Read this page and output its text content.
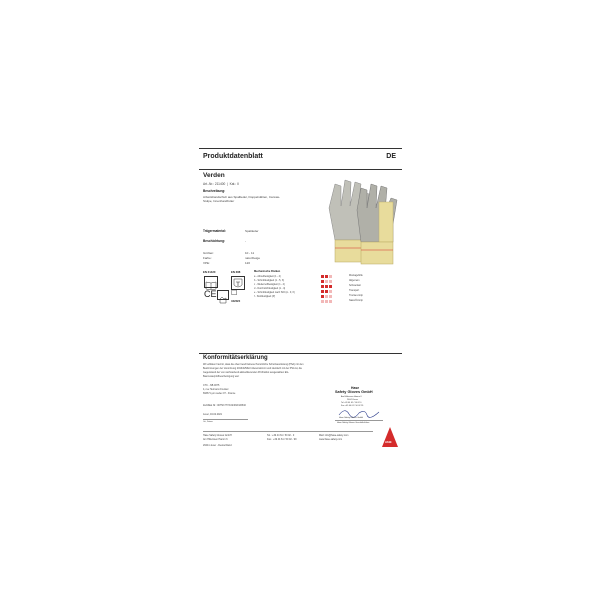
Produktdatenblatt	DE
Verden
Art.-Nr.: 211400  |  Kat.: II
Beschreibung:
Arbeitshandschuh aus Spaltleder, Doppelnähten, Canvas-
Stulpe, Innenhandfutter
Trägermaterial:	Spaltleder
Beschichtung:	-
Größen:	10 - 11
Farbe:	natur/beige
VPE:	120
EN 21420	EN 388
CE ☐
4X222X
Mechanische Risiken
a - Abriebfestigkeit (1 - 4)
b - Schnittfestigkeit (1 - 5, X)
c - Weiterreißfestigkeit (1 - 4)
d - Durchstichfestigkeit (1 - 4)
e - Schnittfestigkeit nach ISO (A - F, X)
f - Stoßfestigkeit (P)
Montagehilfe
Allgemein
Schwerlast
Transport
Trocken-Grip
Nass/Öl-Grip
Konformitätserklärung
Wir erklären hiermit, dass die oben beschriebene Persönliche Schutzausrüstung (PSA) mit den
Bestimmungen der Verordnung 2016/425/EU übereinstimmt und identisch mit der PSA ist, die
Gegenstand der von nachstehend akkreditierenden Prüfinstitut ausgestellten EG-
Baumusterprüfbescheinigung war:
CTC - NB 0075
4, rue Hermann Frenkel
69367 Lyon cedex 07 - France
Zertifikat Nr.: 0075/1777/162/03/19/0540
Jever, 04.02.2021
Ort, Datum
Hase
Safety Gloves GmbH
Am Hillernsen Hamm 6
26441 Jever
Tel +49 44 61 / 50 02 0
Fax +49 44 61 / 50 02 99
Hase Safety Gloves GmbH
Hase Safety Gloves Geschäftsführer
Hase Safety Gloves GmbH
Am Hillernsen Hamm 6
26441 Jever - Deutschland
Tel.: +49 44 61 / 50 02 - 0
Fax.: +49 44 61 / 50 02 - 99
Mail: info@hase-safety.com
www.hase-safety.com
HASE
